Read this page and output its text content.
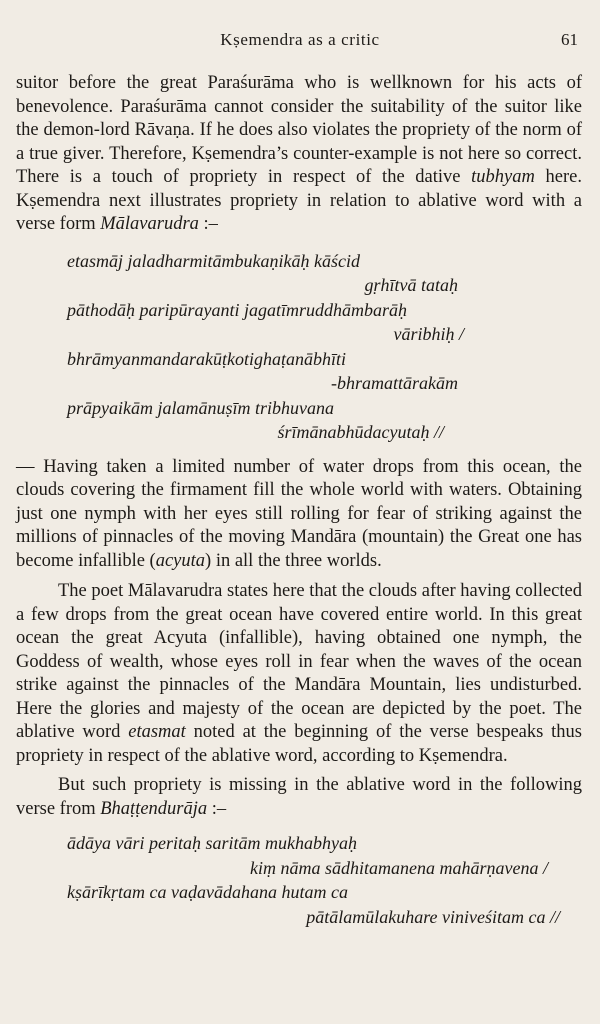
Kṣemendra as a critic	61

suitor before the great Paraśurāma who is wellknown for his acts of benevolence. Paraśurāma cannot consider the suitability of the suitor like the demon-lord Rāvaṇa. If he does also violates the propriety of the norm of a true giver. Therefore, Kṣemendra’s counter-example is not here so correct. There is a touch of propriety in respect of the dative tubhyam here. Kṣemendra next illustrates propriety in relation to ablative word with a verse form Mālavarudra :–

etasmāj jaladharmitāmbukaṇikāḥ kāścid
gṛhītvā tataḥ
pāthodāḥ paripūrayanti jagatīmruddhāmbarāḥ
vāribhiḥ /
bhrāmyanmandarakūṭkotighaṭanābhīti
-bhramattārakām
prāpyaikām jalamānuṣīm tribhuvana
śrīmānabhūdacyutaḥ //

— Having taken a limited number of water drops from this ocean, the clouds covering the firmament fill the whole world with waters. Obtaining just one nymph with her eyes still rolling for fear of striking against the millions of pinnacles of the moving Mandāra (mountain) the Great one has become infallible (acyuta) in all the three worlds.

The poet Mālavarudra states here that the clouds after having collected a few drops from the great ocean have covered entire world. In this great ocean the great Acyuta (infallible), having obtained one nymph, the Goddess of wealth, whose eyes roll in fear when the waves of the ocean strike against the pinnacles of the Mandāra Mountain, lies undisturbed. Here the glories and majesty of the ocean are depicted by the poet. The ablative word etasmat noted at the beginning of the verse bespeaks thus propriety in respect of the ablative word, according to Kṣemendra.

But such propriety is missing in the ablative word in the following verse from Bhaṭṭendurāja :–

ādāya vāri peritaḥ saritām mukhabhyaḥ
kiṃ nāma sādhitamanena mahārṇavena /
kṣārīkṛtam ca vaḍavādahana hutam ca
pātālamūlakuhare viniveśitam ca //
